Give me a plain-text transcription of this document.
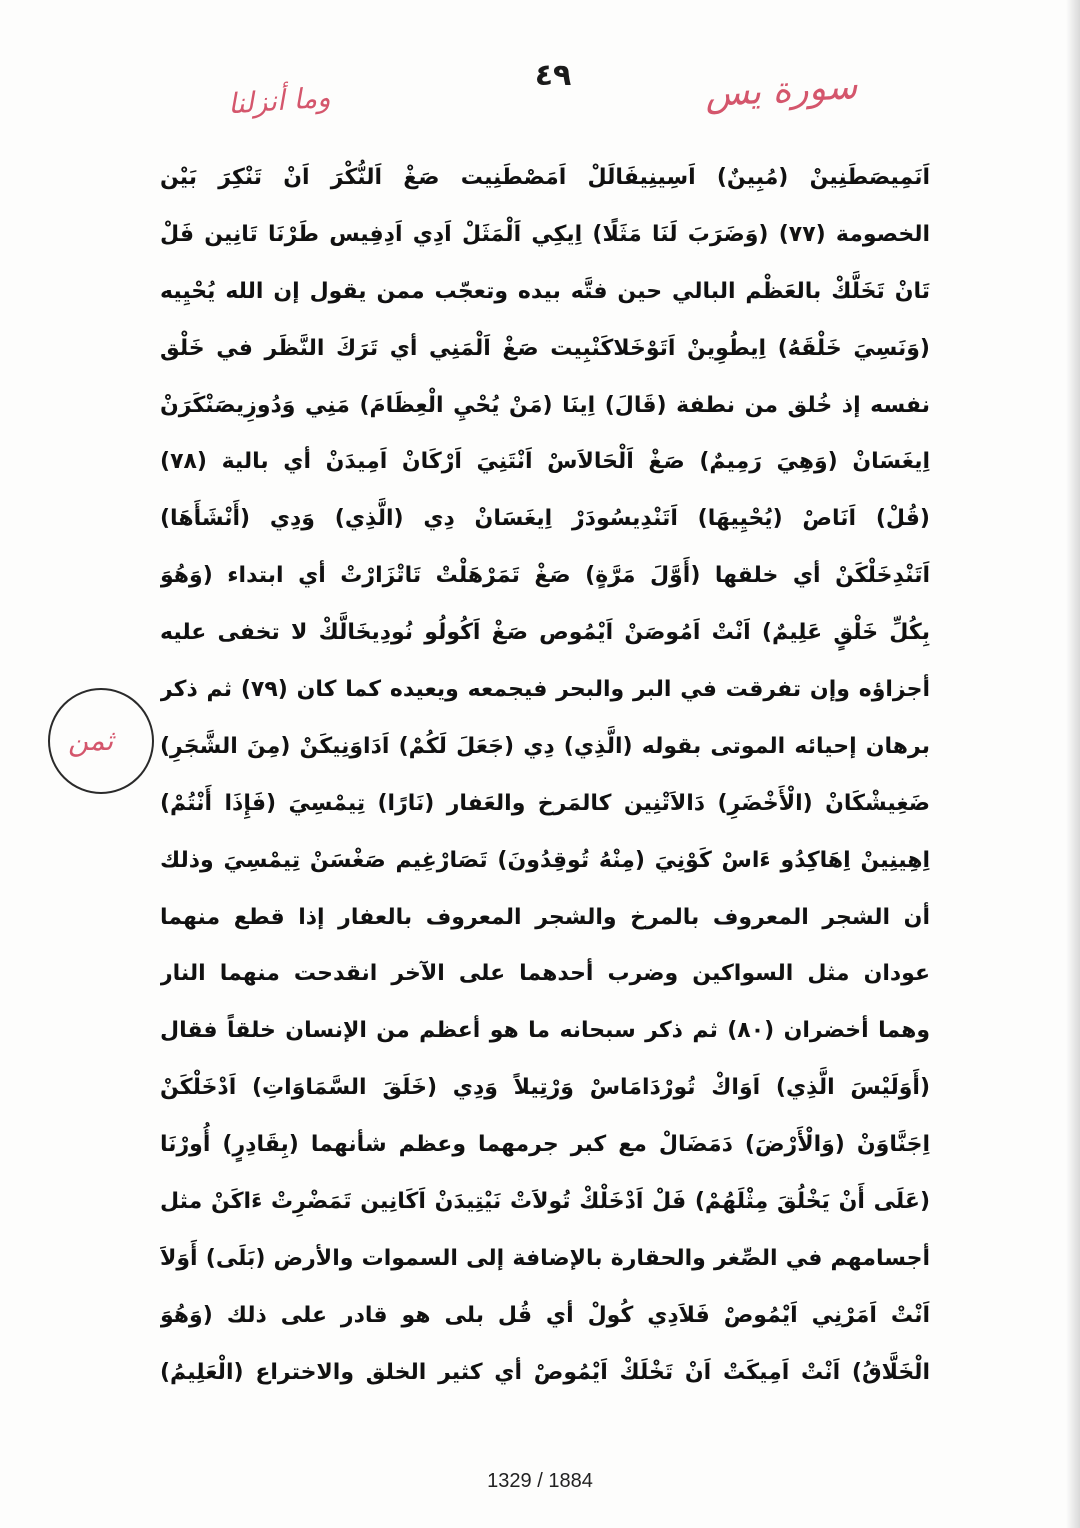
وما أنزلنا
٤٩	سورة يس
ثمن
اَنَمِيصَطَنِينْ (مُبِينٌ) اَسِينِيفَالَلْ اَمَصْطَنِيت صَغْ اَلنُّكْرَ اَنْ تَنْكِرَ بَيْن
الخصومة (٧٧) (وَضَرَبَ لَنَا مَثَلًا) اِيكِي اَلْمَثَلْ اَدِي اَدِفِيس طَرْنَا تَانِين فَلْ
تَانْ تَخَلَّكْ بالعَظْم البالي حين فتَّه بيده وتعجّب ممن يقول إن الله يُحْيِيه
(وَنَسِيَ خَلْقَهُ) اِيطُوِينْ اَتَوْخَلاكَنْبِيت صَغْ اَلْمَنِي أي تَرَكَ النَّظَر في خَلْق
نفسه إذ خُلق من نطفة (قَالَ) اِينَا (مَنْ يُحْيِ الْعِظَامَ) مَنِي وَدُوزِيصَنْكَرَنْ
اِيغَسَانْ (وَهِيَ رَمِيمٌ) صَغْ اَلْحَالاَسْ اَنْتَنِيَ اَرْكَانْ اَمِيدَنْ أي بالية (٧٨)
(قُلْ) اَنَاصْ (يُحْيِيهَا) اَتَنْدِيسُودَرْ اِيغَسَانْ دِي (الَّذِي) وَدِي (أَنْشَأَهَا)
اَتَنْدِخَلْكَنْ أي خلقها (أَوَّلَ مَرَّةٍ) صَغْ تَمَرْهَلْتْ تَاتْزَارْتْ أي ابتداء (وَهُوَ
بِكُلِّ خَلْقٍ عَلِيمٌ) اَنْتْ اَمُوصَنْ اَيْمُوص صَغْ اَكُولُو نُودِيخَالَّكْ لا تخفى عليه
أجزاؤه وإن تفرقت في البر والبحر فيجمعه ويعيده كما كان (٧٩) ثم ذكر
برهان إحيائه الموتى بقوله (الَّذِي) دِي (جَعَلَ لَكُمْ) اَدَاوَنِيكَنْ (مِنَ الشَّجَرِ)
ضَغِيشْكَانْ (الْأَخْضَرِ) دَالاَتْنِين كالمَرخ والعَفار (نَارًا) تِيمْسِيَ (فَإِذَا أَنْتُمْ)
اِهِينِينْ اِهَاكِدُو ءَاسْ كَوْنِيَ (مِنْهُ تُوقِدُونَ) تَصَارْغِيم صَغْسَنْ تِيمْسِيَ وذلك
أن الشجر المعروف بالمرخ والشجر المعروف بالعفار إذا قطع منهما
عودان مثل السواكين وضرب أحدهما على الآخر انقدحت منهما النار
وهما أخضران (٨٠) ثم ذكر سبحانه ما هو أعظم من الإنسان خلقاً فقال
(أَوَلَيْسَ الَّذِي) اَوَاكْ تُورْدَامَاسْ وَرْتِيلاً وَدِي (خَلَقَ السَّمَاوَاتِ) اَدْخَلْكَنْ
اِجَنَّاوَنْ (وَالْأَرْضَ) دَمَضَالْ مع كبر جرمهما وعظم شأنهما (بِقَادِرٍ) أُورْنَا
(عَلَى أَنْ يَخْلُقَ مِثْلَهُمْ) فَلْ اَدْخَلْكْ تُولاَتْ نَيْتِيدَنْ اَكَانِين تَمَضْرِتْ ءَاكَنْ مثل
أجسامهم في الصِّغر والحقارة بالإضافة إلى السموات والأرض (بَلَى) أَوَلاَ
اَنْتْ اَمَرْنِي اَيْمُوصْ فَلاَدِي كُولْ أي قُل بلى هو قادر على ذلك (وَهُوَ
الْخَلَّاقُ) اَنْتْ اَمِيكَتْ اَنْ تَخْلَكْ اَيْمُوصْ أي كثير الخلق والاختراع (الْعَلِيمُ)
1329 / 1884
